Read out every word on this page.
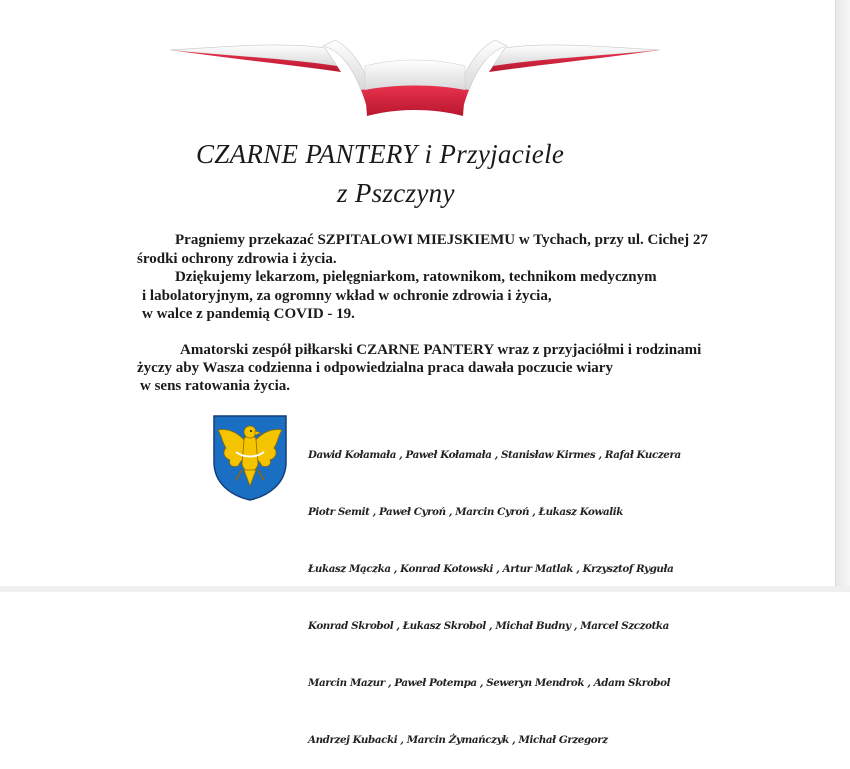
CZARNE PANTERY i Przyjaciele
z Pszczyny
Pragniemy przekazać SZPITALOWI MIEJSKIEMU w Tychach, przy ul. Cichej 27
środki ochrony zdrowia i życia.
Dziękujemy lekarzom, pielęgniarkom, ratownikom, technikom medycznym
i labolatoryjnym, za ogromny wkład w ochronie zdrowia i życia,
w walce z pandemią COVID - 19.
Amatorski zespół piłkarski CZARNE PANTERY wraz z przyjaciółmi i rodzinami
życzy aby Wasza codzienna i odpowiedzialna praca dawała poczucie wiary
w sens ratowania życia.

Dawid Kołamała , Paweł Kołamała , Stanisław Kirmes , Rafał Kuczera

Piotr Semit , Paweł Cyroń , Marcin Cyroń , Łukasz Kowalik

Łukasz Mączka , Konrad Kotowski , Artur Matlak , Krzysztof Ryguła

Konrad Skrobol , Łukasz Skrobol , Michał Budny , Marcel Szczotka

Marcin Mazur , Paweł Potempa , Seweryn Mendrok , Adam Skrobol

Andrzej Kubacki , Marcin Żymańczyk , Michał Grzegorz
